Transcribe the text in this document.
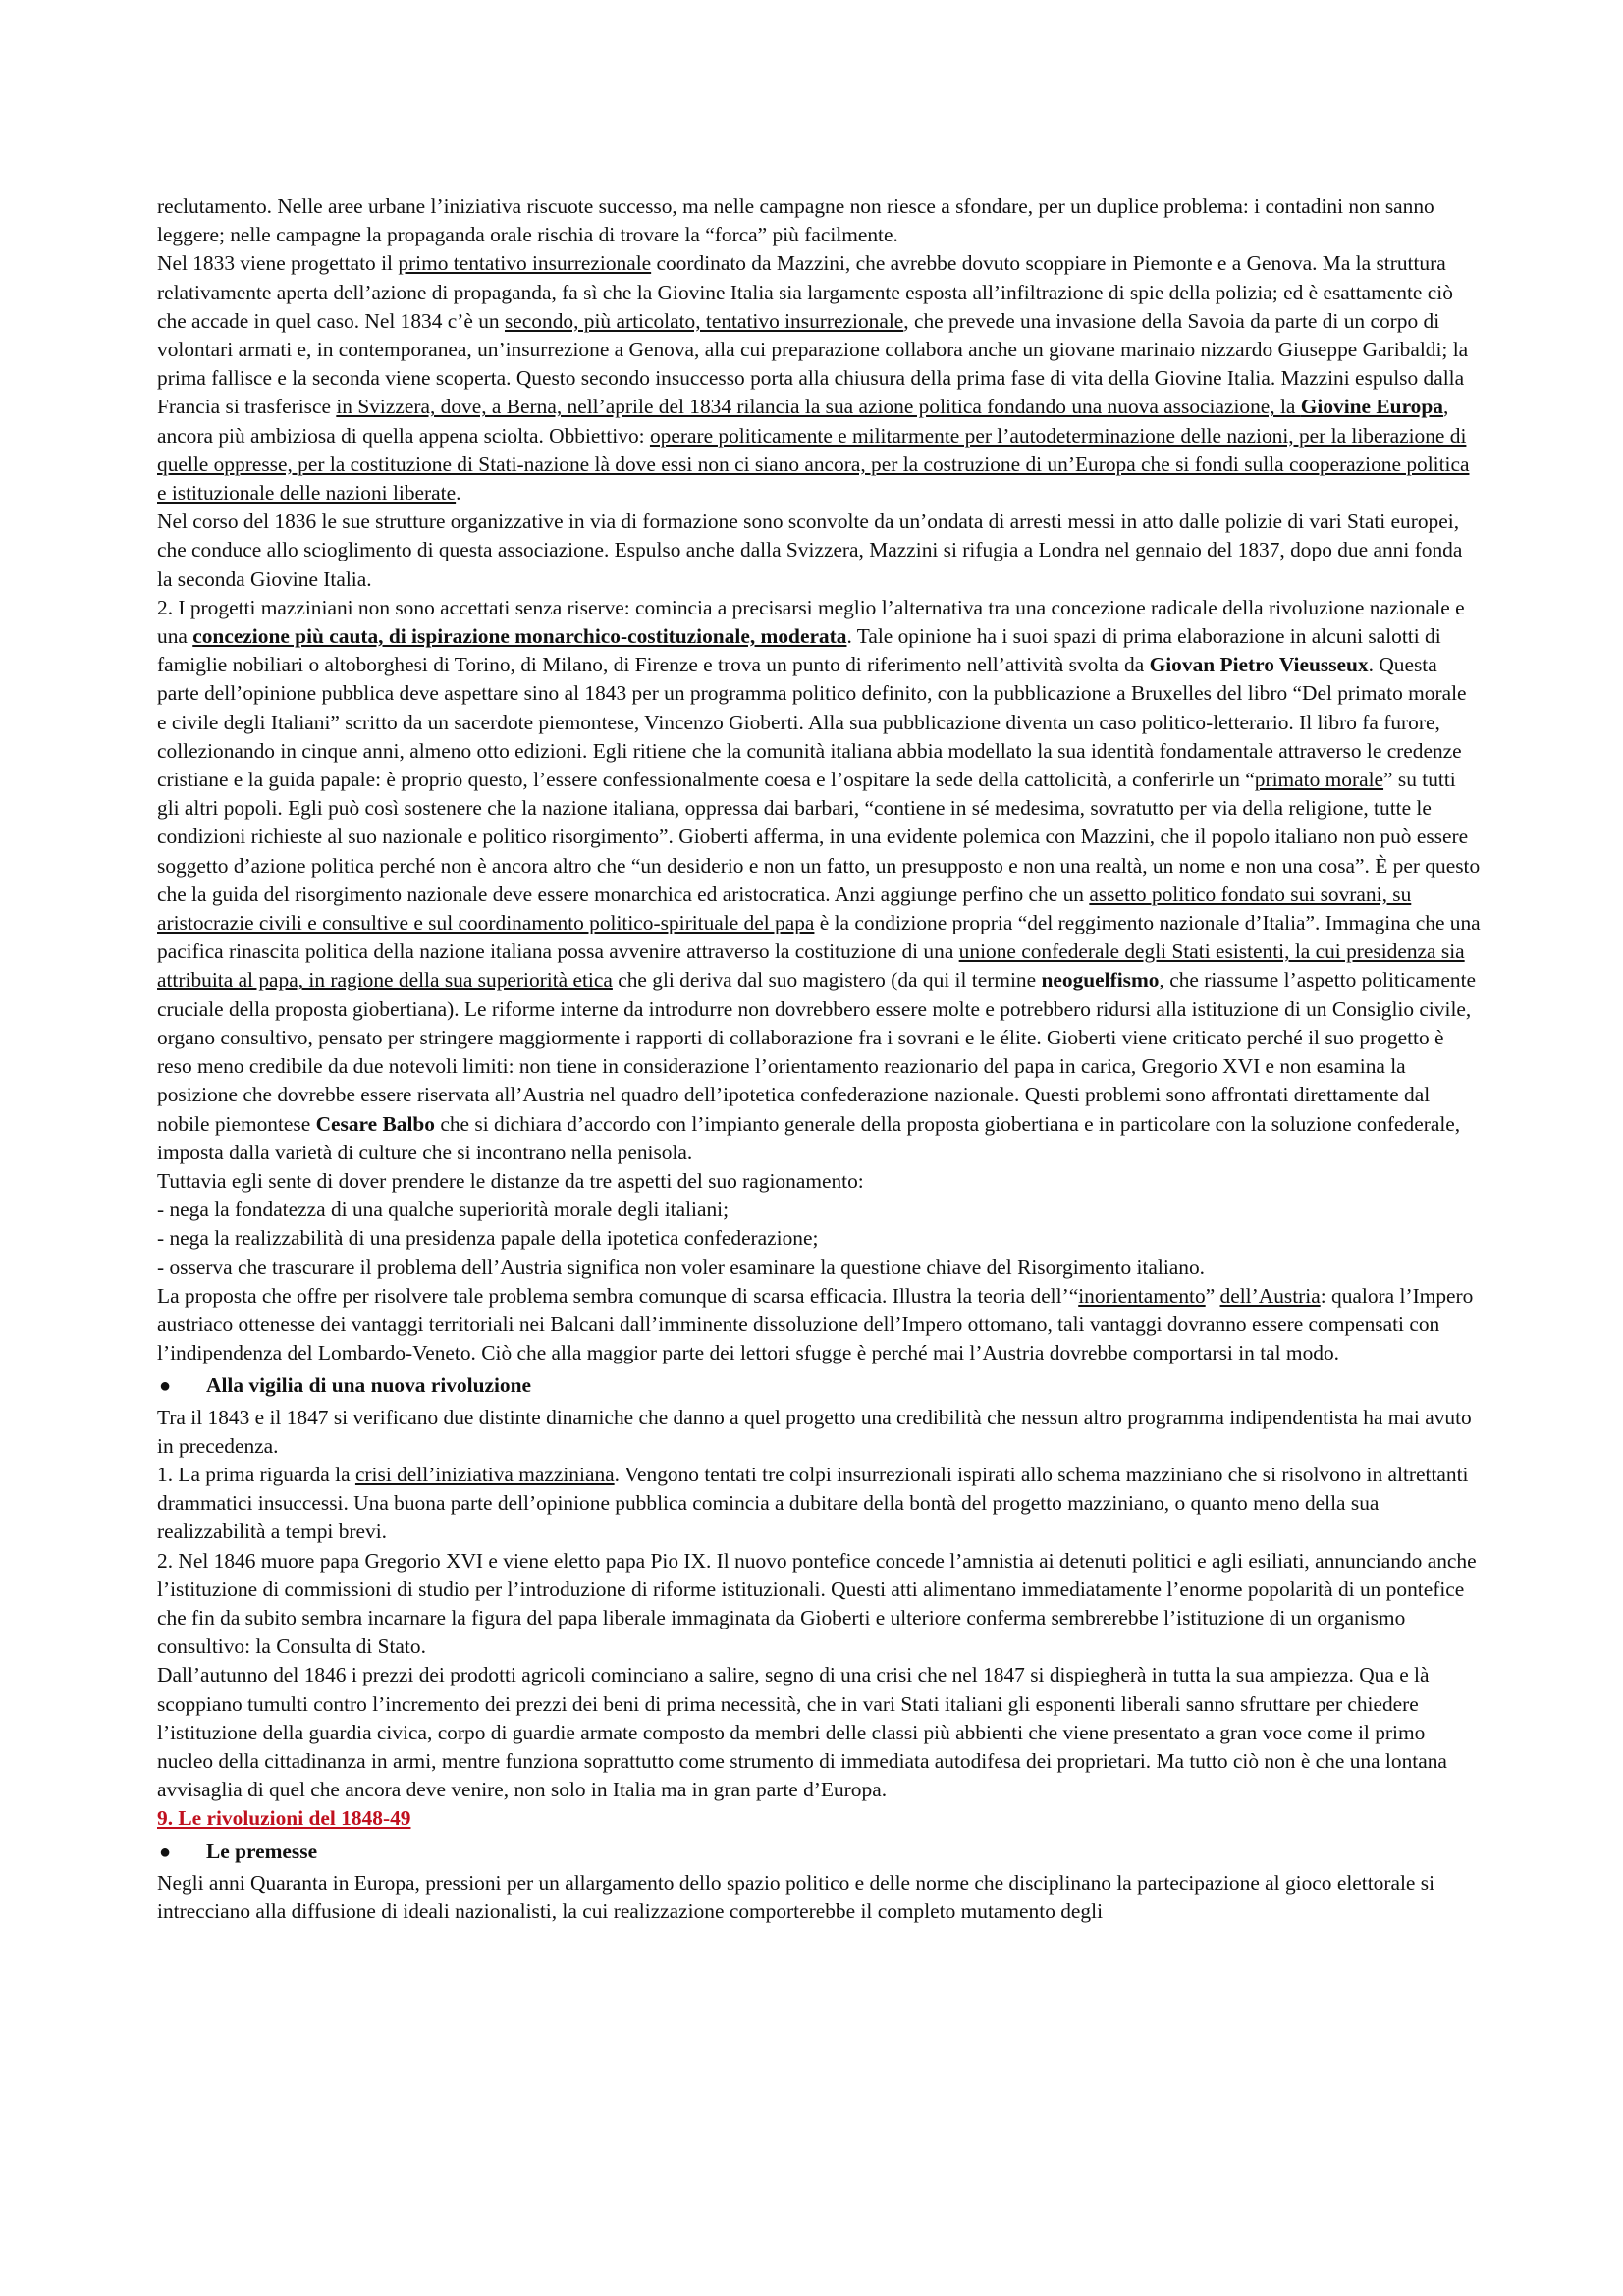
reclutamento. Nelle aree urbane l’iniziativa riscuote successo, ma nelle campagne non riesce a sfondare, per un duplice problema: i contadini non sanno leggere; nelle campagne la propaganda orale rischia di trovare la “forca” più facilmente.

Nel 1833 viene progettato il primo tentativo insurrezionale coordinato da Mazzini, che avrebbe dovuto scoppiare in Piemonte e a Genova. Ma la struttura relativamente aperta dell’azione di propaganda, fa sì che la Giovine Italia sia largamente esposta all’infiltrazione di spie della polizia; ed è esattamente ciò che accade in quel caso. Nel 1834 c’è un secondo, più articolato, tentativo insurrezionale, che prevede una invasione della Savoia da parte di un corpo di volontari armati e, in contemporanea, un’insurrezione a Genova, alla cui preparazione collabora anche un giovane marinaio nizzardo Giuseppe Garibaldi; la prima fallisce e la seconda viene scoperta. Questo secondo insuccesso porta alla chiusura della prima fase di vita della Giovine Italia. Mazzini espulso dalla Francia si trasferisce in Svizzera, dove, a Berna, nell’aprile del 1834 rilancia la sua azione politica fondando una nuova associazione, la Giovine Europa, ancora più ambiziosa di quella appena sciolta. Obbiettivo: operare politicamente e militarmente per l’autodeterminazione delle nazioni, per la liberazione di quelle oppresse, per la costituzione di Stati-nazione là dove essi non ci siano ancora, per la costruzione di un’Europa che si fondi sulla cooperazione politica e istituzionale delle nazioni liberate.

Nel corso del 1836 le sue strutture organizzative in via di formazione sono sconvolte da un’ondata di arresti messi in atto dalle polizie di vari Stati europei, che conduce allo scioglimento di questa associazione. Espulso anche dalla Svizzera, Mazzini si rifugia a Londra nel gennaio del 1837, dopo due anni fonda la seconda Giovine Italia.

2. I progetti mazziniani non sono accettati senza riserve: comincia a precisarsi meglio l’alternativa tra una concezione radicale della rivoluzione nazionale e una concezione più cauta, di ispirazione monarchico-costituzionale, moderata. Tale opinione ha i suoi spazi di prima elaborazione in alcuni salotti di famiglie nobiliari o altoborghesi di Torino, di Milano, di Firenze e trova un punto di riferimento nell’attività svolta da Giovan Pietro Vieusseux. Questa parte dell’opinione pubblica deve aspettare sino al 1843 per un programma politico definito, con la pubblicazione a Bruxelles del libro “Del primato morale e civile degli Italiani” scritto da un sacerdote piemontese, Vincenzo Gioberti. Alla sua pubblicazione diventa un caso politico-letterario. Il libro fa furore, collezionando in cinque anni, almeno otto edizioni. Egli ritiene che la comunità italiana abbia modellato la sua identità fondamentale attraverso le credenze cristiane e la guida papale: è proprio questo, l’essere confessionalmente coesa e l’ospitare la sede della cattolicità, a conferirle un “primato morale” su tutti gli altri popoli. Egli può così sostenere che la nazione italiana, oppressa dai barbari, “contiene in sé medesima, sovratutto per via della religione, tutte le condizioni richieste al suo nazionale e politico risorgimento”. Gioberti afferma, in una evidente polemica con Mazzini, che il popolo italiano non può essere soggetto d’azione politica perché non è ancora altro che “un desiderio e non un fatto, un presupposto e non una realtà, un nome e non una cosa”. È per questo che la guida del risorgimento nazionale deve essere monarchica ed aristocratica. Anzi aggiunge perfino che un assetto politico fondato sui sovrani, su aristocrazie civili e consultive e sul coordinamento politico-spirituale del papa è la condizione propria “del reggimento nazionale d’Italia”. Immagina che una pacifica rinascita politica della nazione italiana possa avvenire attraverso la costituzione di una unione confederale degli Stati esistenti, la cui presidenza sia attribuita al papa, in ragione della sua superiorità etica che gli deriva dal suo magistero (da qui il termine neoguelfismo, che riassume l’aspetto politicamente cruciale della proposta giobertiana). Le riforme interne da introdurre non dovrebbero essere molte e potrebbero ridursi alla istituzione di un Consiglio civile, organo consultivo, pensato per stringere maggiormente i rapporti di collaborazione fra i sovrani e le élite. Gioberti viene criticato perché il suo progetto è reso meno credibile da due notevoli limiti: non tiene in considerazione l’orientamento reazionario del papa in carica, Gregorio XVI e non esamina la posizione che dovrebbe essere riservata all’Austria nel quadro dell’ipotetica confederazione nazionale. Questi problemi sono affrontati direttamente dal nobile piemontese Cesare Balbo che si dichiara d’accordo con l’impianto generale della proposta giobertiana e in particolare con la soluzione confederale, imposta dalla varietà di culture che si incontrano nella penisola.

Tuttavia egli sente di dover prendere le distanze da tre aspetti del suo ragionamento:

- nega la fondatezza di una qualche superiorità morale degli italiani;

- nega la realizzabilità di una presidenza papale della ipotetica confederazione;

- osserva che trascurare il problema dell’Austria significa non voler esaminare la questione chiave del Risorgimento italiano.

La proposta che offre per risolvere tale problema sembra comunque di scarsa efficacia. Illustra la teoria dell’“inorientamento” dell’Austria: qualora l’Impero austriaco ottenesse dei vantaggi territoriali nei Balcani dall’imminente dissoluzione dell’Impero ottomano, tali vantaggi dovranno essere compensati con l’indipendenza del Lombardo-Veneto. Ciò che alla maggior parte dei lettori sfugge è perché mai l’Austria dovrebbe comportarsi in tal modo.

●	Alla vigilia di una nuova rivoluzione

Tra il 1843 e il 1847 si verificano due distinte dinamiche che danno a quel progetto una credibilità che nessun altro programma indipendentista ha mai avuto in precedenza.

1. La prima riguarda la crisi dell’iniziativa mazziniana. Vengono tentati tre colpi insurrezionali ispirati allo schema mazziniano che si risolvono in altrettanti drammatici insuccessi. Una buona parte dell’opinione pubblica comincia a dubitare della bontà del progetto mazziniano, o quanto meno della sua realizzabilità a tempi brevi.

2. Nel 1846 muore papa Gregorio XVI e viene eletto papa Pio IX. Il nuovo pontefice concede l’amnistia ai detenuti politici e agli esiliati, annunciando anche l’istituzione di commissioni di studio per l’introduzione di riforme istituzionali. Questi atti alimentano immediatamente l’enorme popolarità di un pontefice che fin da subito sembra incarnare la figura del papa liberale immaginata da Gioberti e ulteriore conferma sembrerebbe l’istituzione di un organismo consultivo: la Consulta di Stato.

Dall’autunno del 1846 i prezzi dei prodotti agricoli cominciano a salire, segno di una crisi che nel 1847 si dispiegherà in tutta la sua ampiezza. Qua e là scoppiano tumulti contro l’incremento dei prezzi dei beni di prima necessità, che in vari Stati italiani gli esponenti liberali sanno sfruttare per chiedere l’istituzione della guardia civica, corpo di guardie armate composto da membri delle classi più abbienti che viene presentato a gran voce come il primo nucleo della cittadinanza in armi, mentre funziona soprattutto come strumento di immediata autodifesa dei proprietari. Ma tutto ciò non è che una lontana avvisaglia di quel che ancora deve venire, non solo in Italia ma in gran parte d’Europa.

9. Le rivoluzioni del 1848-49

●	Le premesse

Negli anni Quaranta in Europa, pressioni per un allargamento dello spazio politico e delle norme che disciplinano la partecipazione al gioco elettorale si intrecciano alla diffusione di ideali nazionalisti, la cui realizzazione comporterebbe il completo mutamento degli
